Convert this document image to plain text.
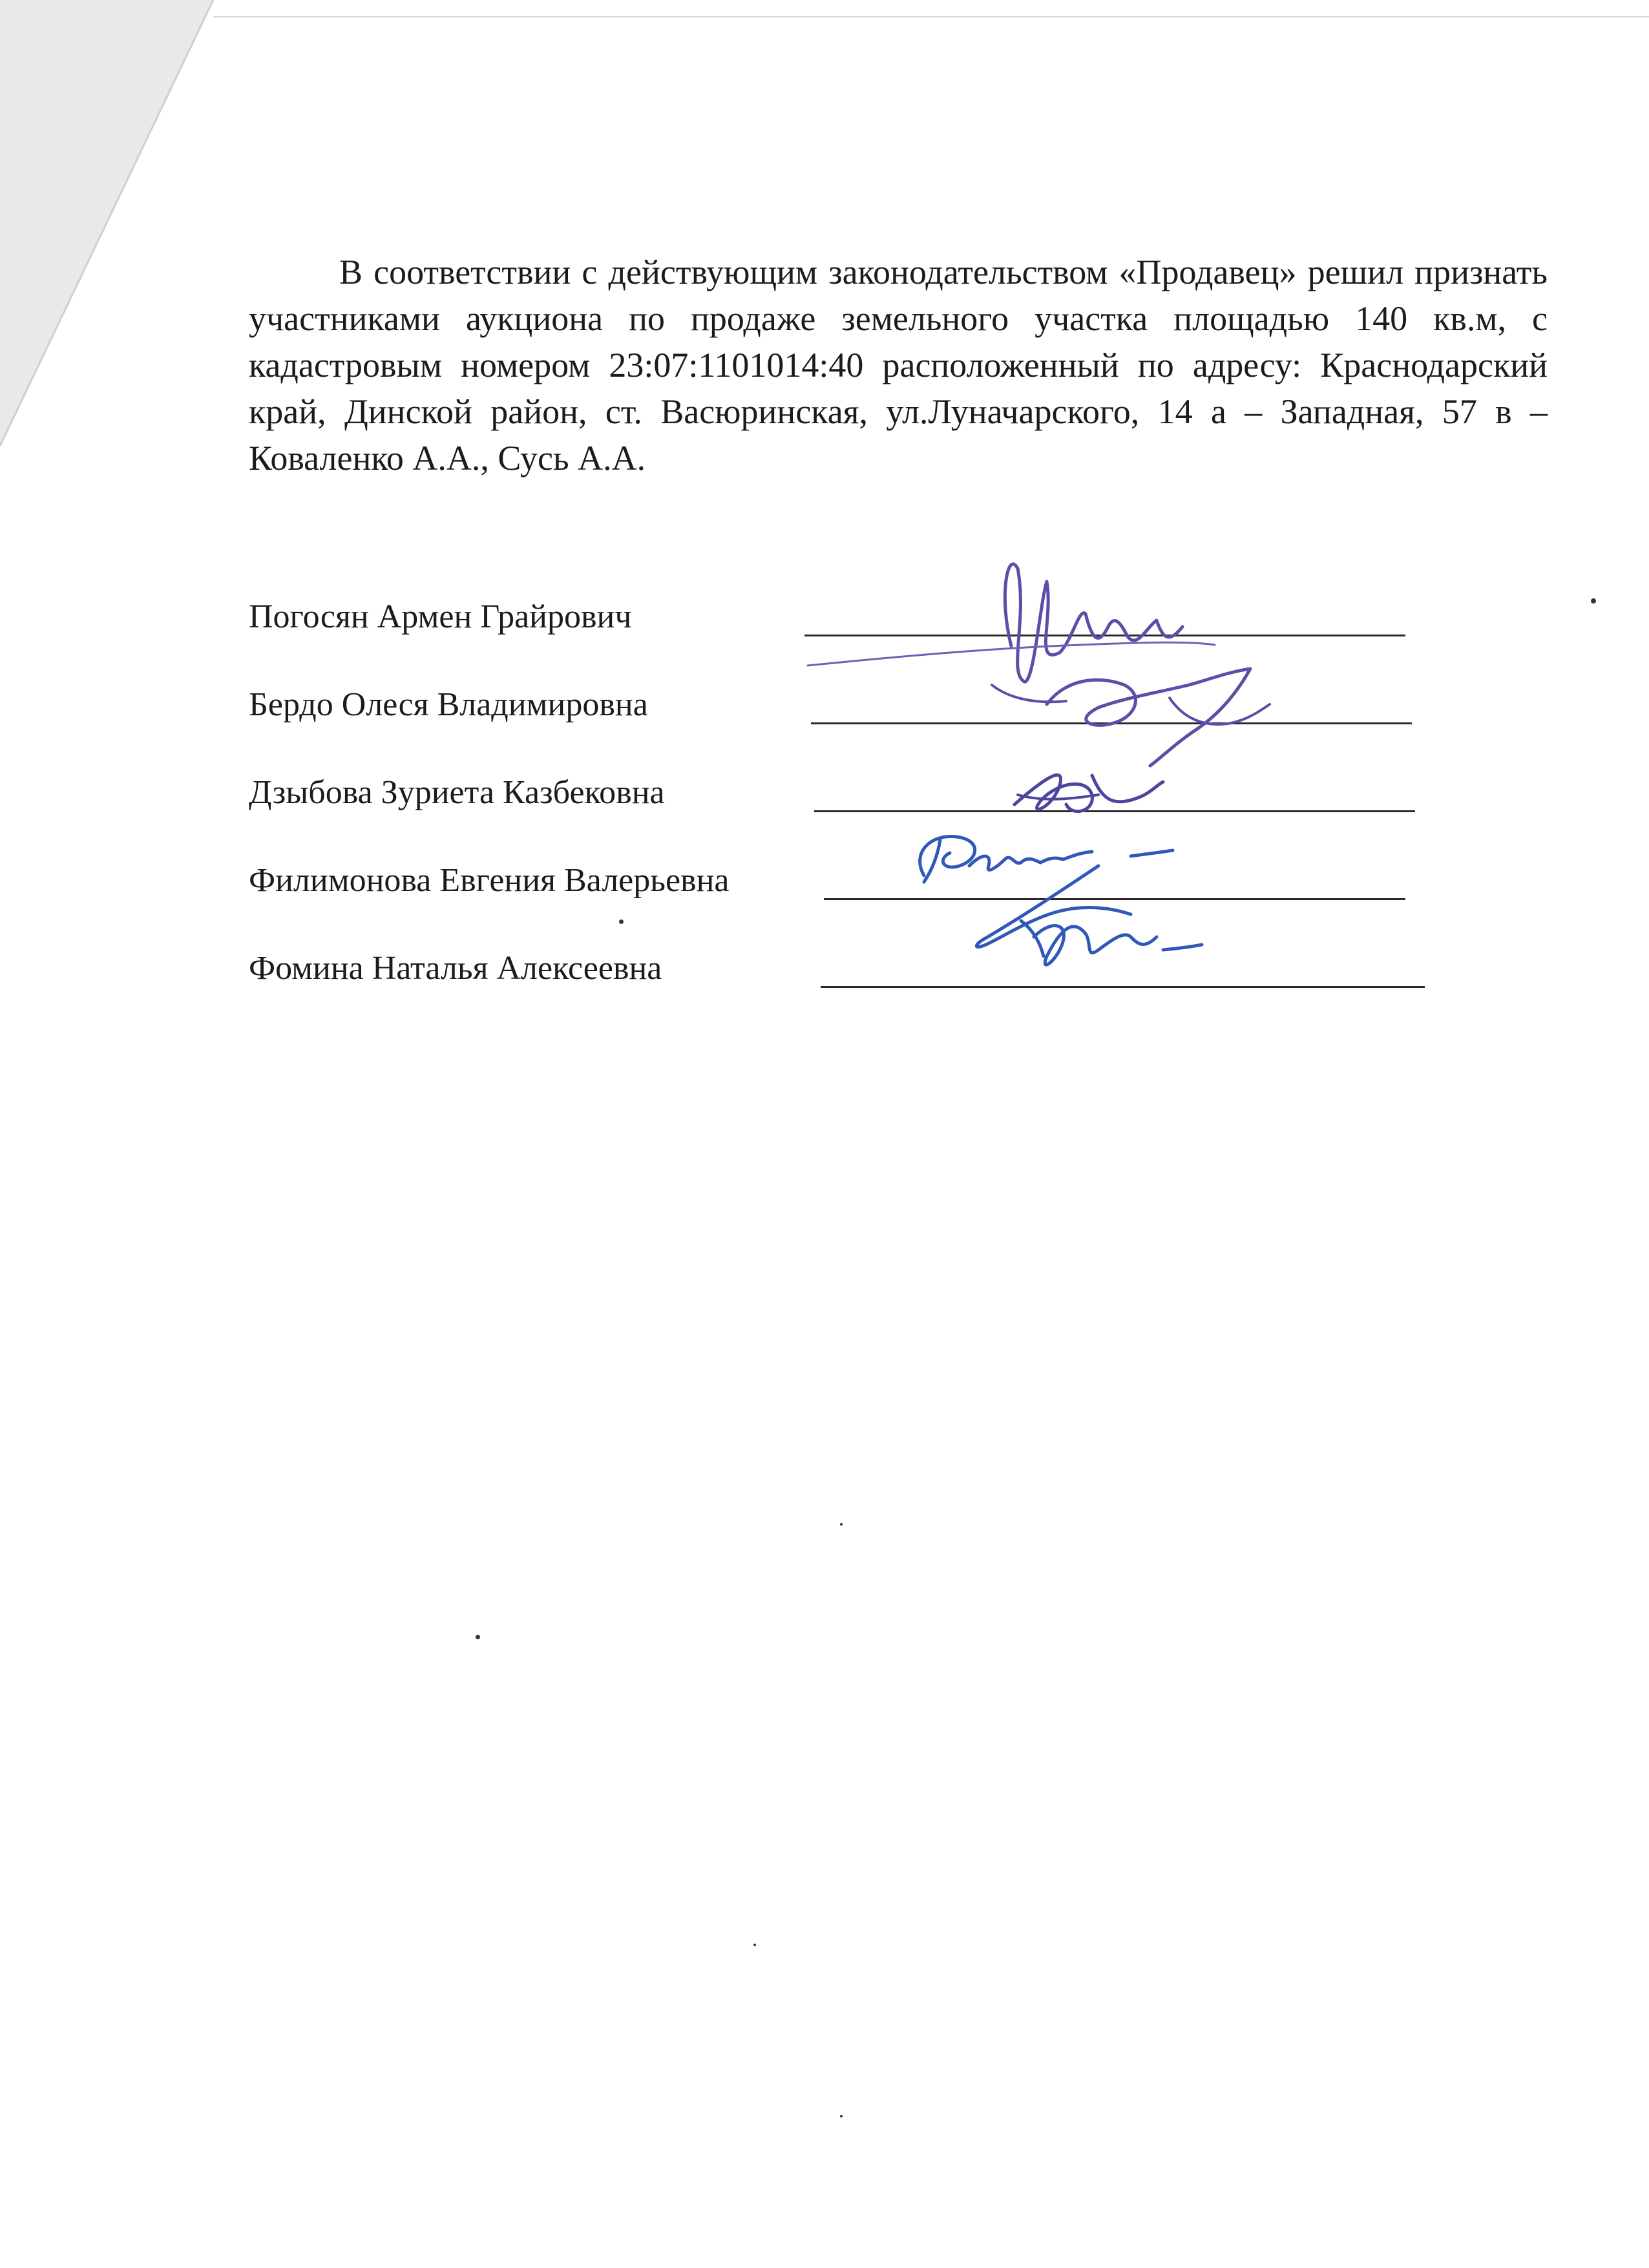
В соответствии с действующим законодательством «Продавец» решил признать участниками аукциона по продаже земельного участка площадью 140 кв.м, с кадастровым номером 23:07:1101014:40 расположенный по адресу: Краснодарский край, Динской район, ст. Васюринская, ул.Луначарского, 14 а – Западная, 57 в – Коваленко А.А., Сусь А.А.

Погосян Армен Грайрович
Бердо Олеся Владимировна
Дзыбова Зуриета Казбековна
Филимонова Евгения Валерьевна
Фомина Наталья Алексеевна
